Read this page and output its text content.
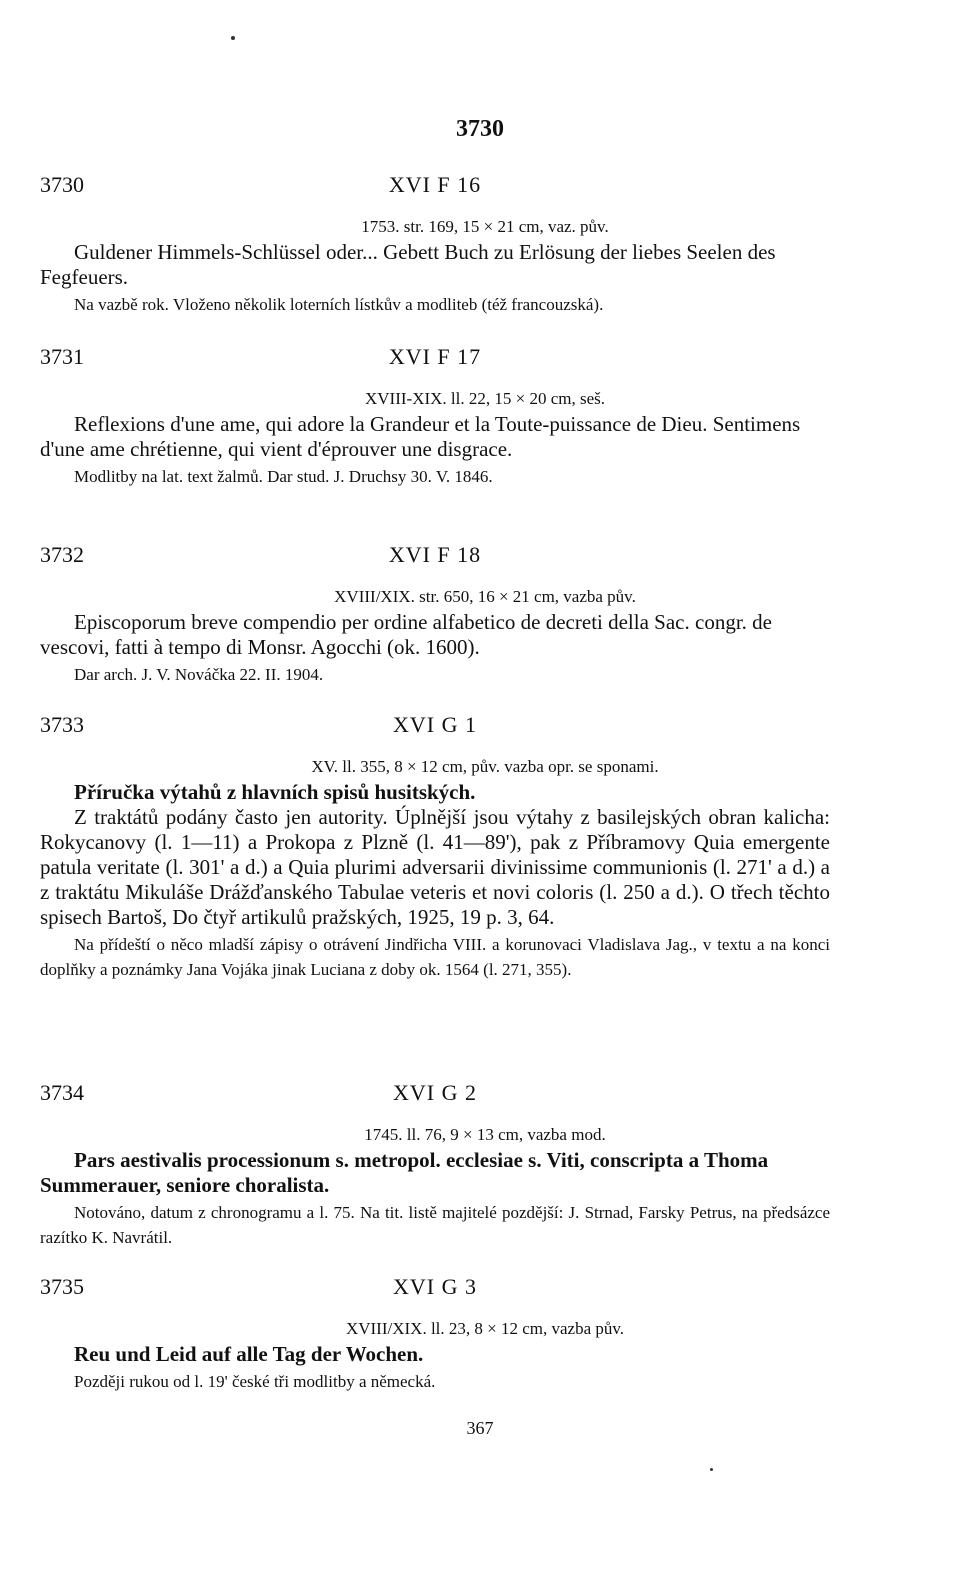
3730
3730	XVI F 16
1753. str. 169, 15 × 21 cm, vaz. pův.
Guldener Himmels-Schlüssel oder... Gebett Buch zu Erlösung der liebes Seelen des Fegfeuers.
Na vazbě rok. Vloženo několik loterních lístkův a modliteb (též francouzská).
3731	XVI F 17
XVIII-XIX. ll. 22, 15 × 20 cm, seš.
Reflexions d'une ame, qui adore la Grandeur et la Toute-puissance de Dieu. Sentimens d'une ame chrétienne, qui vient d'éprouver une disgrace.
Modlitby na lat. text žalmů. Dar stud. J. Druchsy 30. V. 1846.
3732	XVI F 18
XVIII/XIX. str. 650, 16 × 21 cm, vazba pův.
Episcoporum breve compendio per ordine alfabetico de decreti della Sac. congr. de vescovi, fatti à tempo di Monsr. Agocchi (ok. 1600).
Dar arch. J. V. Nováčka 22. II. 1904.
3733	XVI G 1
XV. ll. 355, 8 × 12 cm, pův. vazba opr. se sponami.
Příručka výtahů z hlavních spisů husitských.
Z traktátů podány často jen autority. Úplnější jsou výtahy z basilejských obran kalicha: Rokycanovy (l. 1—11) a Prokopa z Plzně (l. 41—89'), pak z Příbramovy Quia emergente patula veritate (l. 301' a d.) a Quia plurimi adversarii divinissime communionis (l. 271' a d.) a z traktátu Mikuláše Drážďanského Tabulae veteris et novi coloris (l. 250 a d.). O třech těchto spisech Bartoš, Do čtyř artikulů pražských, 1925, 19 p. 3, 64.
Na přídeští o něco mladší zápisy o otrávení Jindřicha VIII. a korunovaci Vladislava Jag., v textu a na konci doplňky a poznámky Jana Vojáka jinak Luciana z doby ok. 1564 (l. 271, 355).
3734	XVI G 2
1745. ll. 76, 9 × 13 cm, vazba mod.
Pars aestivalis processionum s. metropol. ecclesiae s. Viti, conscripta a Thoma Summerauer, seniore choralista.
Notováno, datum z chronogramu a l. 75. Na tit. listě majitelé pozdější: J. Strnad, Farsky Petrus, na předsázce razítko K. Navrátil.
3735	XVI G 3
XVIII/XIX. ll. 23, 8 × 12 cm, vazba pův.
Reu und Leid auf alle Tag der Wochen.
Později rukou od l. 19' české tři modlitby a německá.
367
